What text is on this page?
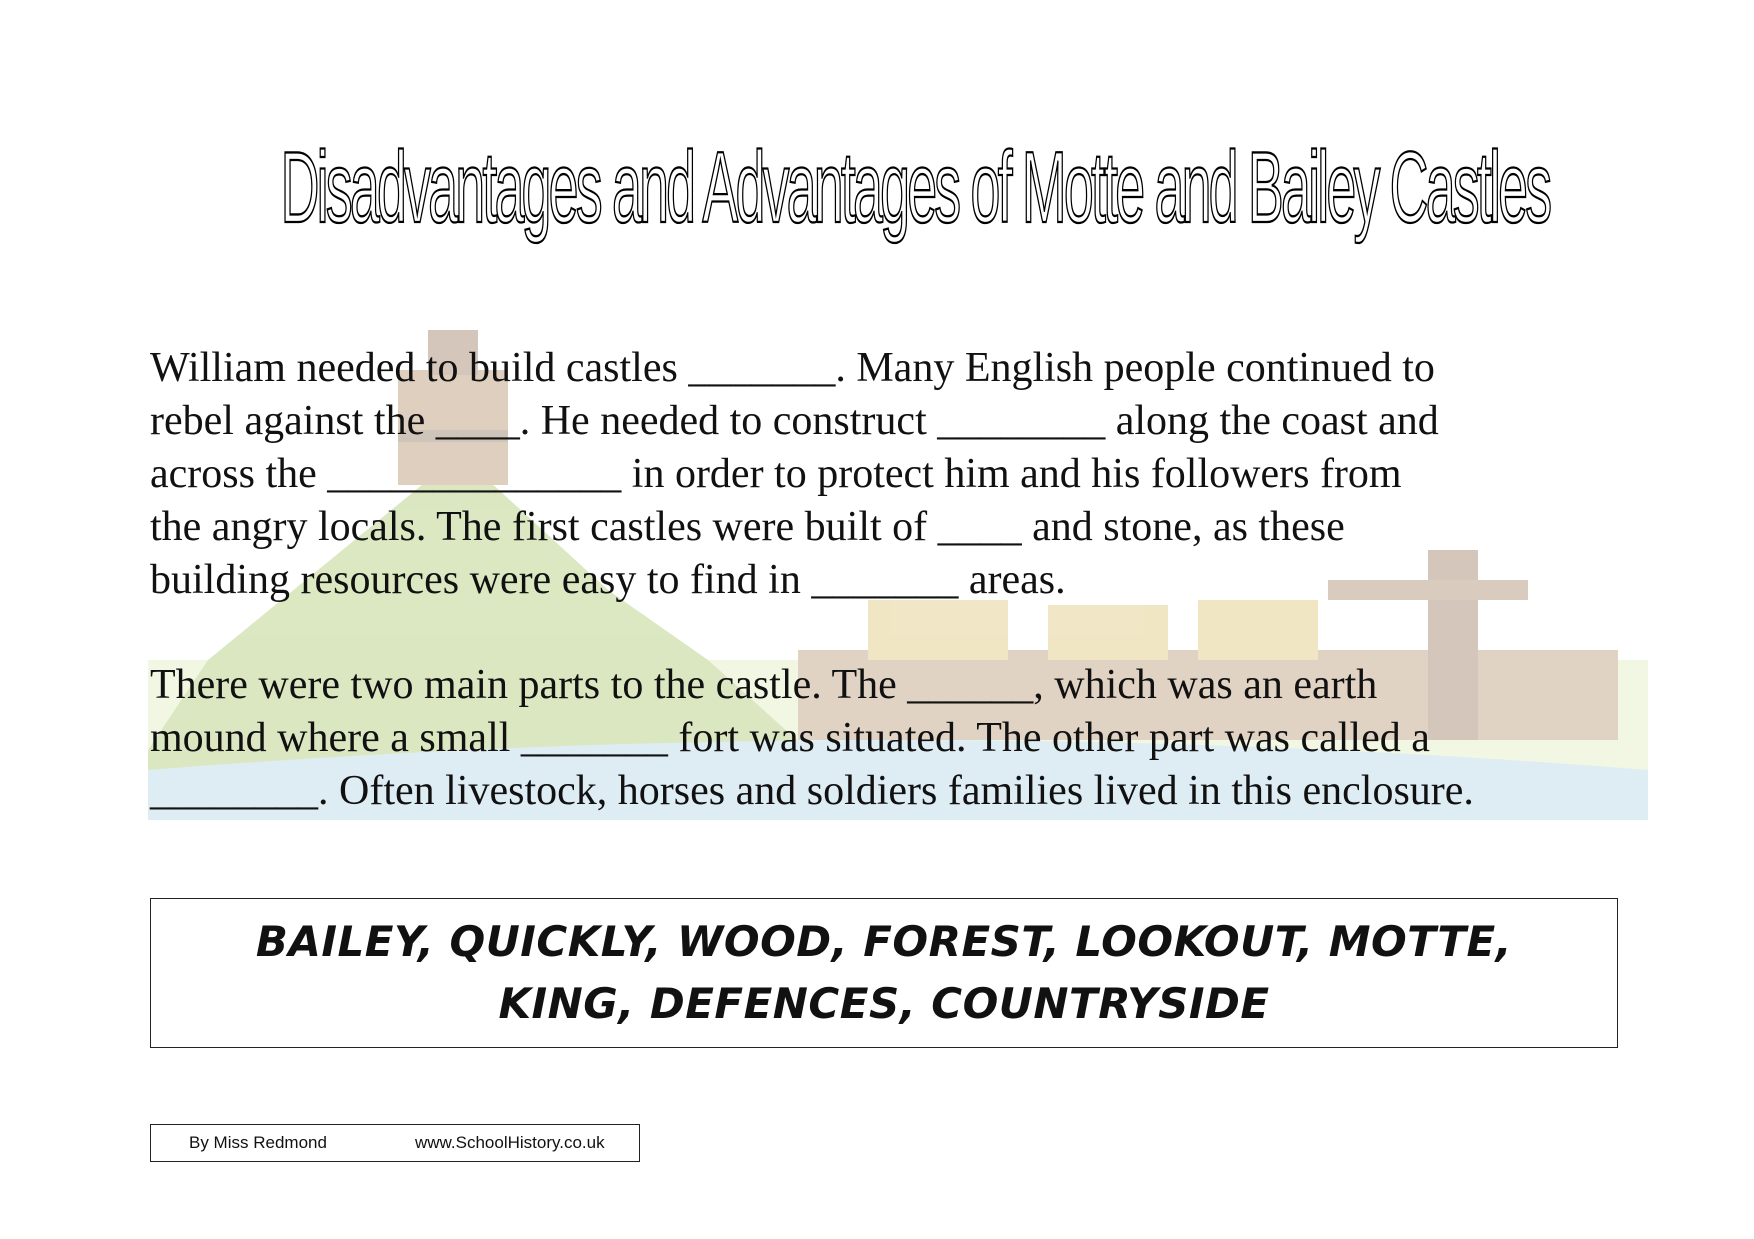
Disadvantages and Advantages of Motte and Bailey Castles
William needed to build castles _______. Many English people continued to
rebel against the ____. He needed to construct ________ along the coast and
across the ______________ in order to protect him and his followers from
the angry locals. The first castles were built of ____ and stone, as these
building resources were easy to find in _______ areas.
There were two main parts to the castle. The ______, which was an earth
mound where a small _______ fort was situated. The other part was called a
________. Often livestock, horses and soldiers families lived in this enclosure.
BAILEY, QUICKLY, WOOD, FOREST, LOOKOUT, MOTTE,
KING, DEFENCES, COUNTRYSIDE
By Miss Redmond	www.SchoolHistory.co.uk
